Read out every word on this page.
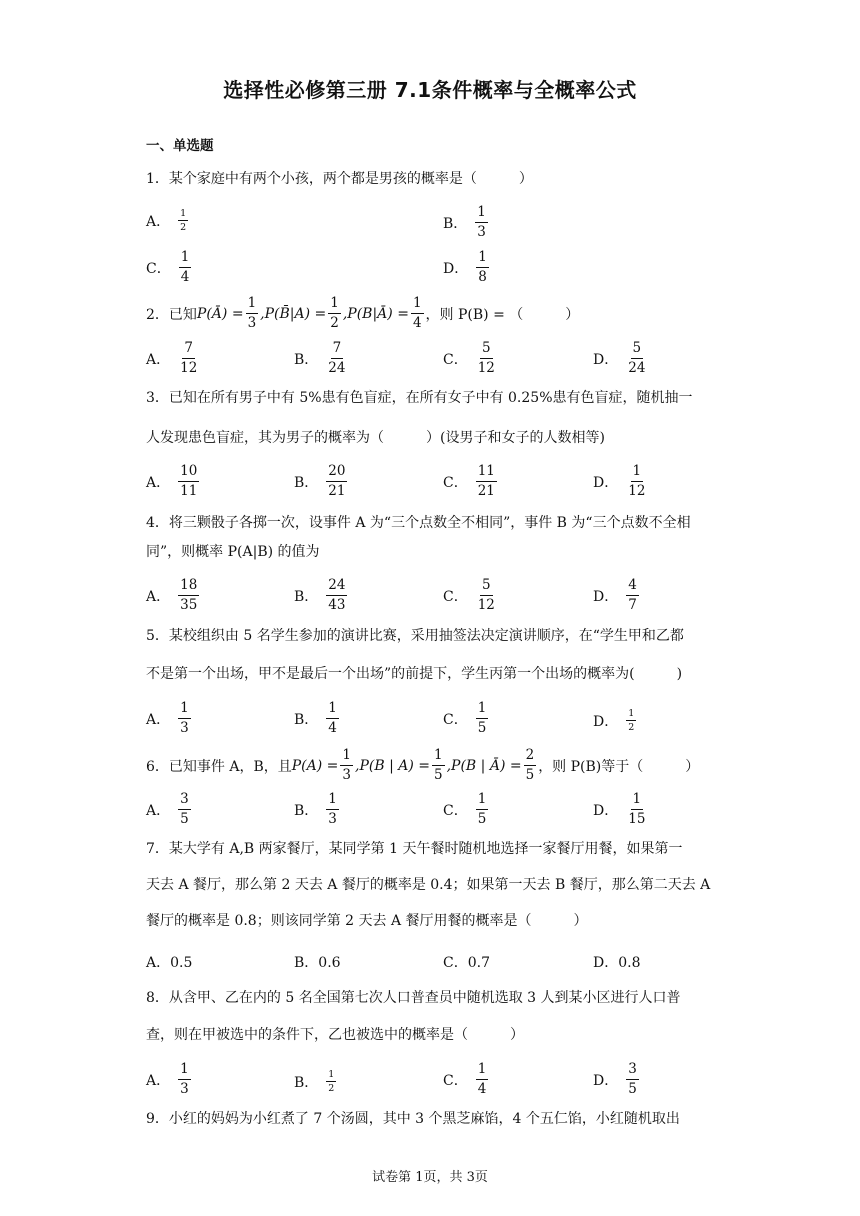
选择性必修第三册 7.1条件概率与全概率公式
一、单选题
1．某个家庭中有两个小孩，两个都是男孩的概率是（　　　）
A． $\frac{1}{2}$	B． $\frac{1}{3}$
C． $\frac{1}{4}$	D． $\frac{1}{8}$
2．已知 P(Ā) = $\frac{1}{3}$ ,P(B̄|A) = $\frac{1}{2}$ ,P(B|Ā) = $\frac{1}{4}$ ，则 P(B) = （　　　）
A． $\frac{7}{12}$	B． $\frac{7}{24}$	C． $\frac{5}{12}$	D． $\frac{5}{24}$
3．已知在所有男子中有 5%患有色盲症，在所有女子中有 0.25%患有色盲症，随机抽一
人发现患色盲症，其为男子的概率为（　　　）(设男子和女子的人数相等)
A． $\frac{10}{11}$	B． $\frac{20}{21}$	C． $\frac{11}{21}$	D． $\frac{1}{12}$
4．将三颗骰子各掷一次，设事件 A 为“三个点数全不相同”，事件 B 为“三个点数不全相
同”，则概率 P(A|B) 的值为
A． $\frac{18}{35}$	B． $\frac{24}{43}$	C． $\frac{5}{12}$	D． $\frac{4}{7}$
5．某校组织由 5 名学生参加的演讲比赛，采用抽签法决定演讲顺序，在“学生甲和乙都
不是第一个出场，甲不是最后一个出场”的前提下，学生丙第一个出场的概率为(　　　)
A． $\frac{1}{3}$	B． $\frac{1}{4}$	C． $\frac{1}{5}$	D． $\frac{1}{2}$
6．已知事件 A，B，且 $P(A) = \frac{1}{3} ,P(B$ | $A) = \frac{1}{5} ,P(B$ | Ā) = $\frac{2}{5}$ ，则 P(B)等于（　　　）
A． $\frac{3}{5}$	B． $\frac{1}{3}$	C． $\frac{1}{5}$	D． $\frac{1}{15}$
7．某大学有 A,B 两家餐厅，某同学第 1 天午餐时随机地选择一家餐厅用餐，如果第一
天去 A 餐厅，那么第 2 天去 A 餐厅的概率是 0.4；如果第一天去 B 餐厅，那么第二天去 A
餐厅的概率是 0.8；则该同学第 2 天去 A 餐厅用餐的概率是（　　　）
A．0.5	B．0.6	C．0.7	D．0.8
8．从含甲、乙在内的 5 名全国第七次人口普查员中随机选取 3 人到某小区进行人口普
查，则在甲被选中的条件下，乙也被选中的概率是（　　　）
A． $\frac{1}{3}$	B． $\frac{1}{2}$	C． $\frac{1}{4}$	D． $\frac{3}{5}$
9．小红的妈妈为小红煮了 7 个汤圆，其中 3 个黑芝麻馅，4 个五仁馅，小红随机取出
试卷第 1页，共 3页
